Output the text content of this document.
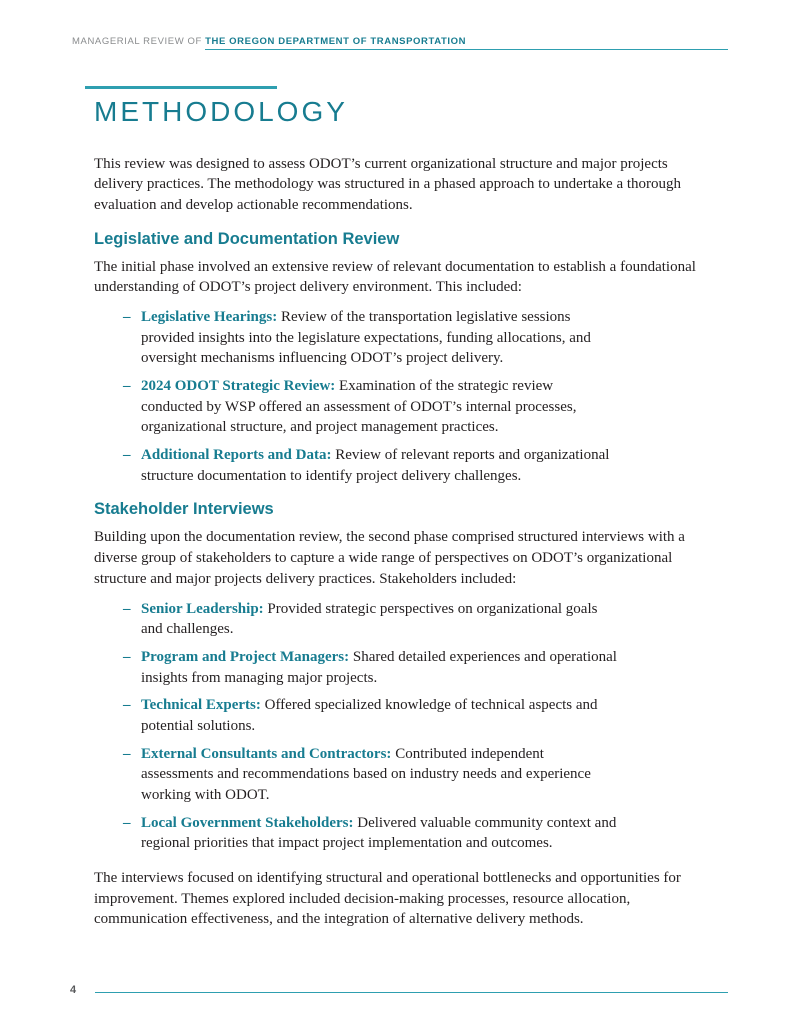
MANAGERIAL REVIEW OF THE OREGON DEPARTMENT OF TRANSPORTATION
METHODOLOGY

This review was designed to assess ODOT’s current organizational structure and major projects delivery practices. The methodology was structured in a phased approach to undertake a thorough evaluation and develop actionable recommendations.

Legislative and Documentation Review

The initial phase involved an extensive review of relevant documentation to establish a foundational understanding of ODOT’s project delivery environment. This included:

– Legislative Hearings: Review of the transportation legislative sessions provided insights into the legislature expectations, funding allocations, and oversight mechanisms influencing ODOT’s project delivery.

– 2024 ODOT Strategic Review: Examination of the strategic review conducted by WSP offered an assessment of ODOT’s internal processes, organizational structure, and project management practices.

– Additional Reports and Data: Review of relevant reports and organizational structure documentation to identify project delivery challenges.

Stakeholder Interviews

Building upon the documentation review, the second phase comprised structured interviews with a diverse group of stakeholders to capture a wide range of perspectives on ODOT’s organizational structure and major projects delivery practices. Stakeholders included:

– Senior Leadership: Provided strategic perspectives on organizational goals and challenges.

– Program and Project Managers: Shared detailed experiences and operational insights from managing major projects.

– Technical Experts: Offered specialized knowledge of technical aspects and potential solutions.

– External Consultants and Contractors: Contributed independent assessments and recommendations based on industry needs and experience working with ODOT.

– Local Government Stakeholders: Delivered valuable community context and regional priorities that impact project implementation and outcomes.

The interviews focused on identifying structural and operational bottlenecks and opportunities for improvement. Themes explored included decision-making processes, resource allocation, communication effectiveness, and the integration of alternative delivery methods.

4
